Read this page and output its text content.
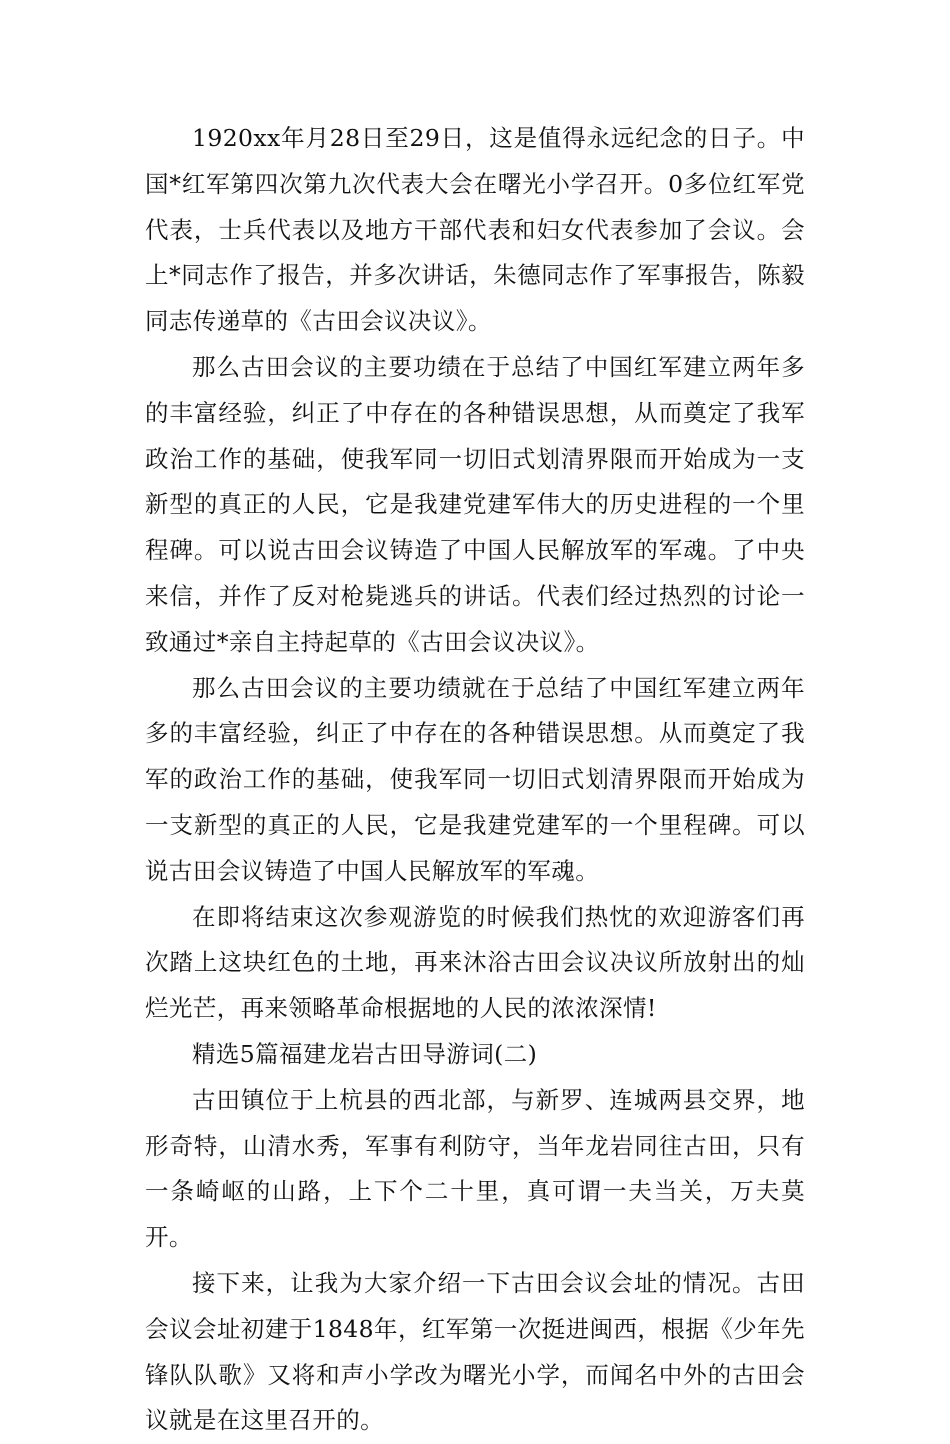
1920xx年月28日至29日，这是值得永远纪念的日子。中国*红军第四次第九次代表大会在曙光小学召开。0多位红军党代表，士兵代表以及地方干部代表和妇女代表参加了会议。会上*同志作了报告，并多次讲话，朱德同志作了军事报告，陈毅同志传递草的《古田会议决议》。

那么古田会议的主要功绩在于总结了中国红军建立两年多的丰富经验，纠正了中存在的各种错误思想，从而奠定了我军政治工作的基础，使我军同一切旧式划清界限而开始成为一支新型的真正的人民，它是我建党建军伟大的历史进程的一个里程碑。可以说古田会议铸造了中国人民解放军的军魂。了中央来信，并作了反对枪毙逃兵的讲话。代表们经过热烈的讨论一致通过*亲自主持起草的《古田会议决议》。

那么古田会议的主要功绩就在于总结了中国红军建立两年多的丰富经验，纠正了中存在的各种错误思想。从而奠定了我军的政治工作的基础，使我军同一切旧式划清界限而开始成为一支新型的真正的人民，它是我建党建军的一个里程碑。可以说古田会议铸造了中国人民解放军的军魂。

在即将结束这次参观游览的时候我们热忱的欢迎游客们再次踏上这块红色的土地，再来沐浴古田会议决议所放射出的灿烂光芒，再来领略革命根据地的人民的浓浓深情!

精选5篇福建龙岩古田导游词(二)

古田镇位于上杭县的西北部，与新罗、连城两县交界，地形奇特，山清水秀，军事有利防守，当年龙岩同往古田，只有一条崎岖的山路，上下个二十里，真可谓一夫当关，万夫莫开。

接下来，让我为大家介绍一下古田会议会址的情况。古田会议会址初建于1848年，红军第一次挺进闽西，根据《少年先锋队队歌》又将和声小学改为曙光小学，而闻名中外的古田会议就是在这里召开的。
